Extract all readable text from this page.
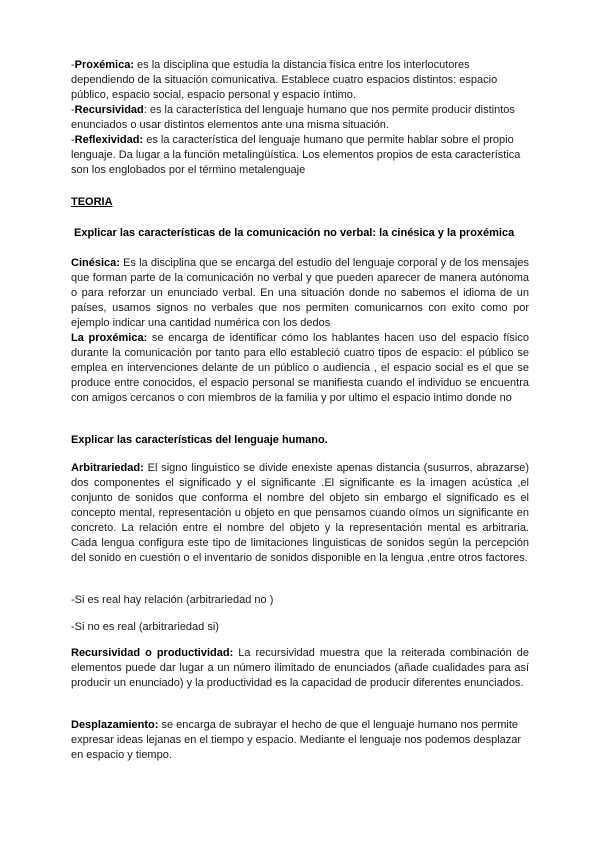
-Proxémica: es la disciplina que estudia la distancia física entre los interlocutores dependiendo de la situación comunicativa. Establece cuatro espacios distintos: espacio público, espacio social, espacio personal y espacio íntimo.

-Recursividad: es la característica del lenguaje humano que nos permite producir distintos enunciados o usar distintos elementos ante una misma situación.

-Reflexividad: es la característica del lenguaje humano que permite hablar sobre el propio lenguaje. Da lugar a la función metalingüística. Los elementos propios de esta característica son los englobados por el término metalenguaje

TEORIA

Explicar las características de la comunicación no verbal: la cinésica y la proxémica

Cinésica: Es la disciplina que se encarga del estudio del lenguaje corporal y de los mensajes que forman parte de la comunicación no verbal y que pueden aparecer de manera autónoma o para reforzar un enunciado verbal. En una situación donde no sabemos el idioma de un países, usamos signos no verbales que nos permiten comunicarnos con exito como por ejemplo indicar una cantidad numérica con los dedos

La proxémica: se encarga de identificar cómo los hablantes hacen uso del espacio físico durante la comunicación por tanto para ello estableció cuatro tipos de espacio: el público se emplea en intervenciones delante de un público o audiencia , el espacio social es el que se produce entre conocidos, el espacio personal se manifiesta cuando el individuo se encuentra con amigos cercanos o con miembros de la familia y por ultimo el espacio intimo donde no

Explicar las características del lenguaje humano.

Arbitrariedad: El signo linguistico se divide enexiste apenas distancia (susurros, abrazarse) dos componentes el significado y el significante .El significante es la imagen acústica ,el conjunto de sonidos que conforma el nombre del objeto sin embargo el significado es el concepto mental, representación u objeto en que pensamos cuando oímos un significante en concreto. La relación entre el nombre del objeto y la representación mental es arbitraria. Cada lengua configura este tipo de limitaciones linguisticas de sonidos según la percepción del sonido en cuestión o el inventario de sonidos disponible en la lengua ,entre otros factores.

-Si es real hay relación (arbitrariedad no )

-Si no es real (arbitrariedad si)

Recursividad o productividad: La recursividad muestra que la reiterada combinación de elementos puede dar lugar a un número ilimitado de enunciados (añade cualidades para así producir un enunciado) y la productividad es la capacidad de producir diferentes enunciados.

Desplazamiento: se encarga de subrayar el hecho de que el lenguaje humano nos permite expresar ideas lejanas en el tiempo y espacio. Mediante el lenguaje nos podemos desplazar en espacio y tiempo.
